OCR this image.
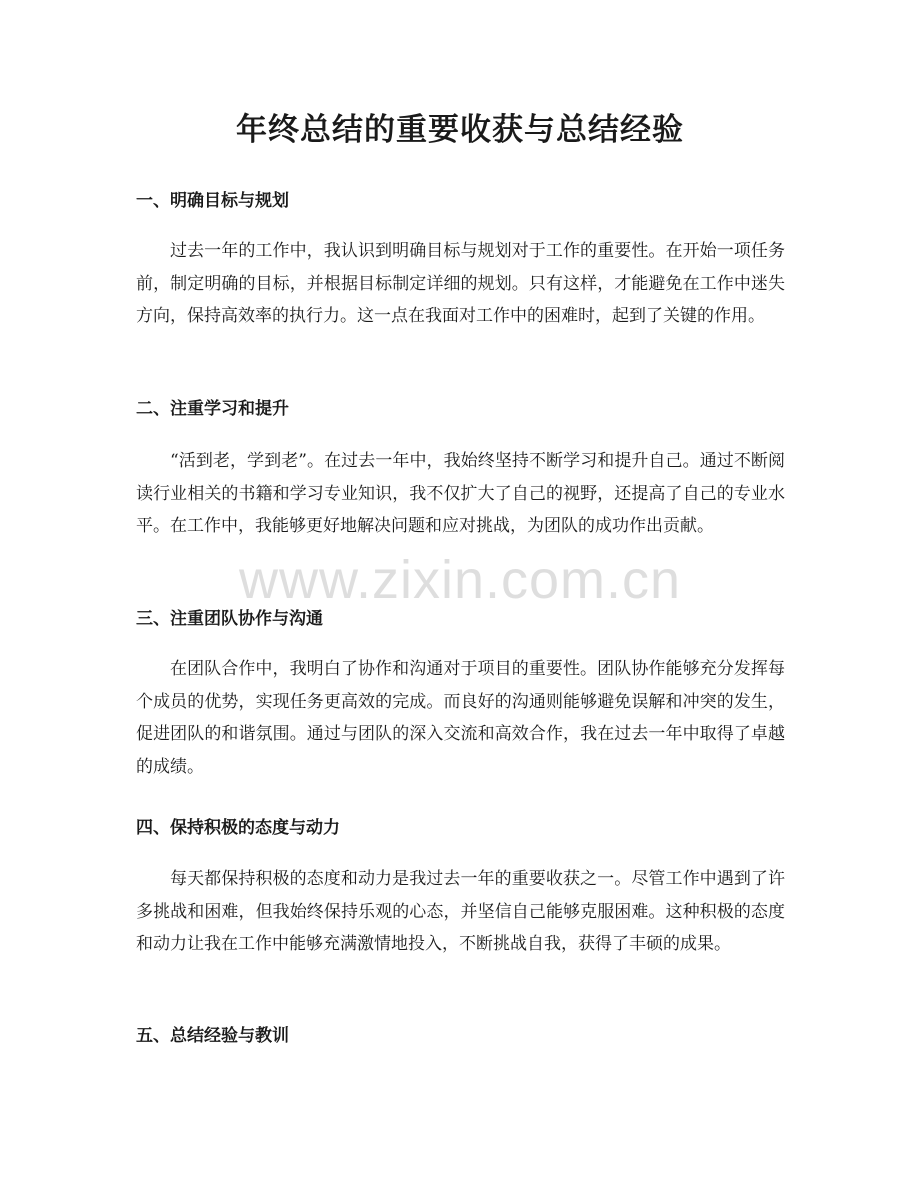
年终总结的重要收获与总结经验
一、明确目标与规划

过去一年的工作中，我认识到明确目标与规划对于工作的重要性。在开始一项任务前，制定明确的目标，并根据目标制定详细的规划。只有这样，才能避免在工作中迷失方向，保持高效率的执行力。这一点在我面对工作中的困难时，起到了关键的作用。

二、注重学习和提升

“活到老，学到老”。在过去一年中，我始终坚持不断学习和提升自己。通过不断阅读行业相关的书籍和学习专业知识，我不仅扩大了自己的视野，还提高了自己的专业水平。在工作中，我能够更好地解决问题和应对挑战，为团队的成功作出贡献。

三、注重团队协作与沟通

在团队合作中，我明白了协作和沟通对于项目的重要性。团队协作能够充分发挥每个成员的优势，实现任务更高效的完成。而良好的沟通则能够避免误解和冲突的发生，促进团队的和谐氛围。通过与团队的深入交流和高效合作，我在过去一年中取得了卓越的成绩。

四、保持积极的态度与动力

每天都保持积极的态度和动力是我过去一年的重要收获之一。尽管工作中遇到了许多挑战和困难，但我始终保持乐观的心态，并坚信自己能够克服困难。这种积极的态度和动力让我在工作中能够充满激情地投入，不断挑战自我，获得了丰硕的成果。

五、总结经验与教训
www.zixin.com.cn
